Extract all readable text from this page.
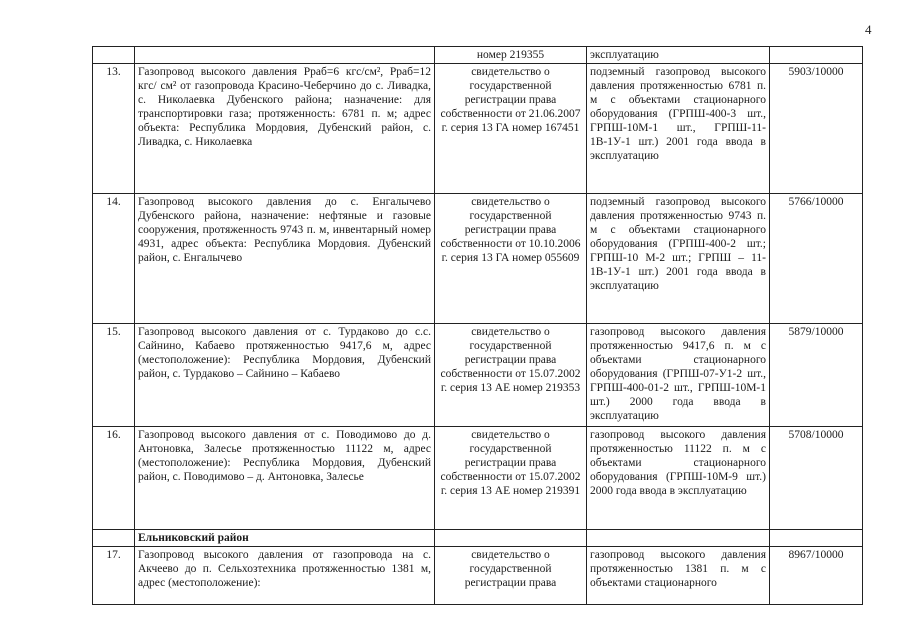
4
		номер 219355	эксплуатацию	
13.	Газопровод высокого давления Рраб=6 кгс/см², Рраб=12 кгс/ см² от газопровода Красино-Чеберчино до с. Ливадка, с. Николаевка Дубенского района; назначение: для транспортировки газа; протяженность: 6781 п. м; адрес объекта: Республика Мордовия, Дубенский район, с. Ливадка, с. Николаевка	свидетельство о государственной регистрации права собственности от 21.06.2007 г. серия 13 ГА номер 167451	подземный газопровод высокого давления протяженностью 6781 п. м с объектами стационарного оборудования (ГРПШ-400-3 шт., ГРПШ-10М-1 шт., ГРПШ-11-1В-1У-1 шт.) 2001 года ввода в эксплуатацию	5903/10000
14.	Газопровод высокого давления до с. Енгалычево Дубенского района, назначение: нефтяные и газовые сооружения, протяженность 9743 п. м, инвентарный номер 4931, адрес объекта: Республика Мордовия. Дубенский район, с. Енгалычево	свидетельство о государственной регистрации права собственности от 10.10.2006 г. серия 13 ГА номер 055609	подземный газопровод высокого давления протяженностью 9743 п. м с объектами стационарного оборудования (ГРПШ-400-2 шт.; ГРПШ-10 М-2 шт.; ГРПШ – 11-1В-1У-1 шт.) 2001 года ввода в эксплуатацию	5766/10000
15.	Газопровод высокого давления от с. Турдаково до с.с. Сайнино, Кабаево протяженностью 9417,6 м, адрес (местоположение): Республика Мордовия, Дубенский район, с. Турдаково – Сайнино – Кабаево	свидетельство о государственной регистрации права собственности от 15.07.2002 г. серия 13 АЕ номер 219353	газопровод высокого давления протяженностью 9417,6 п. м с объектами стационарного оборудования (ГРПШ-07-У1-2 шт., ГРПШ-400-01-2 шт., ГРПШ-10М-1 шт.) 2000 года ввода в эксплуатацию	5879/10000
16.	Газопровод высокого давления от с. Поводимово до д. Антоновка, Залесье протяженностью 11122 м, адрес (местоположение): Республика Мордовия, Дубенский район, с. Поводимово – д. Антоновка, Залесье	свидетельство о государственной регистрации права собственности от 15.07.2002 г. серия 13 АЕ номер 219391	газопровод высокого давления протяженностью 11122 п. м с объектами стационарного оборудования (ГРПШ-10М-9 шт.) 2000 года ввода в эксплуатацию	5708/10000
	Ельниковский район			
17.	Газопровод высокого давления от газопровода на с. Акчеево до п. Сельхозтехника протяженностью 1381 м, адрес (местоположение):	свидетельство о государственной регистрации права	газопровод высокого давления протяженностью 1381 п. м с объектами стационарного	8967/10000
